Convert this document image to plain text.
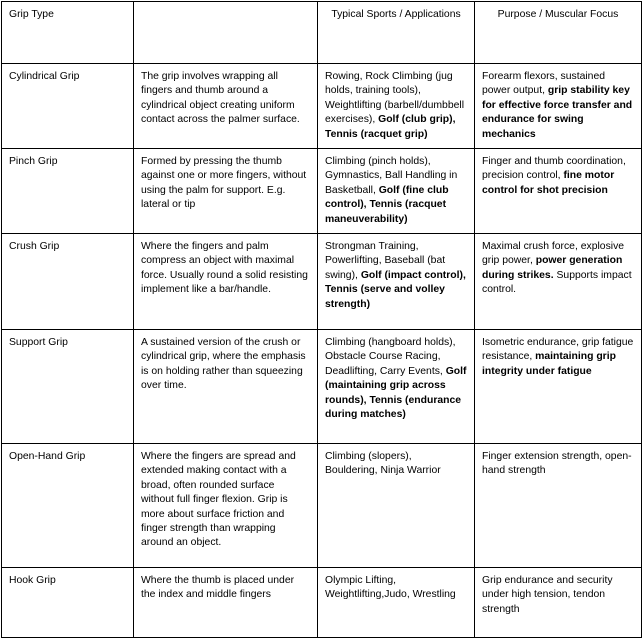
Grip Type		Typical Sports / Applications	Purpose / Muscular Focus
Cylindrical Grip	The grip involves wrapping all fingers and thumb around a cylindrical object creating uniform contact across the palmer surface.	Rowing, Rock Climbing (jug holds, training tools), Weightlifting (barbell/dumbbell exercises), Golf (club grip), Tennis (racquet grip)	Forearm flexors, sustained power output, grip stability key for effective force transfer and endurance for swing mechanics
Pinch Grip	Formed by pressing the thumb against one or more fingers, without using the palm for support. E.g. lateral or tip	Climbing (pinch holds), Gymnastics, Ball Handling in Basketball, Golf (fine club control), Tennis (racquet maneuverability)	Finger and thumb coordination, precision control, fine motor control for shot precision
Crush Grip	Where the fingers and palm compress an object with maximal force. Usually round a solid resisting implement like a bar/handle.	Strongman Training, Powerlifting, Baseball (bat swing), Golf (impact control), Tennis (serve and volley strength)	Maximal crush force, explosive grip power, power generation during strikes. Supports impact control.
Support Grip	A sustained version of the crush or cylindrical grip, where the emphasis is on holding rather than squeezing over time.	Climbing (hangboard holds), Obstacle Course Racing, Deadlifting, Carry Events, Golf (maintaining grip across rounds), Tennis (endurance during matches)	Isometric endurance, grip fatigue resistance, maintaining grip integrity under fatigue
Open-Hand Grip	Where the fingers are spread and extended making contact with a broad, often rounded surface without full finger flexion. Grip is more about surface friction and finger strength than wrapping around an object.	Climbing (slopers), Bouldering, Ninja Warrior	Finger extension strength, open-hand strength
Hook Grip	Where the thumb is placed under the index and middle fingers	Olympic Lifting, Weightlifting,Judo, Wrestling	Grip endurance and security under high tension, tendon strength
